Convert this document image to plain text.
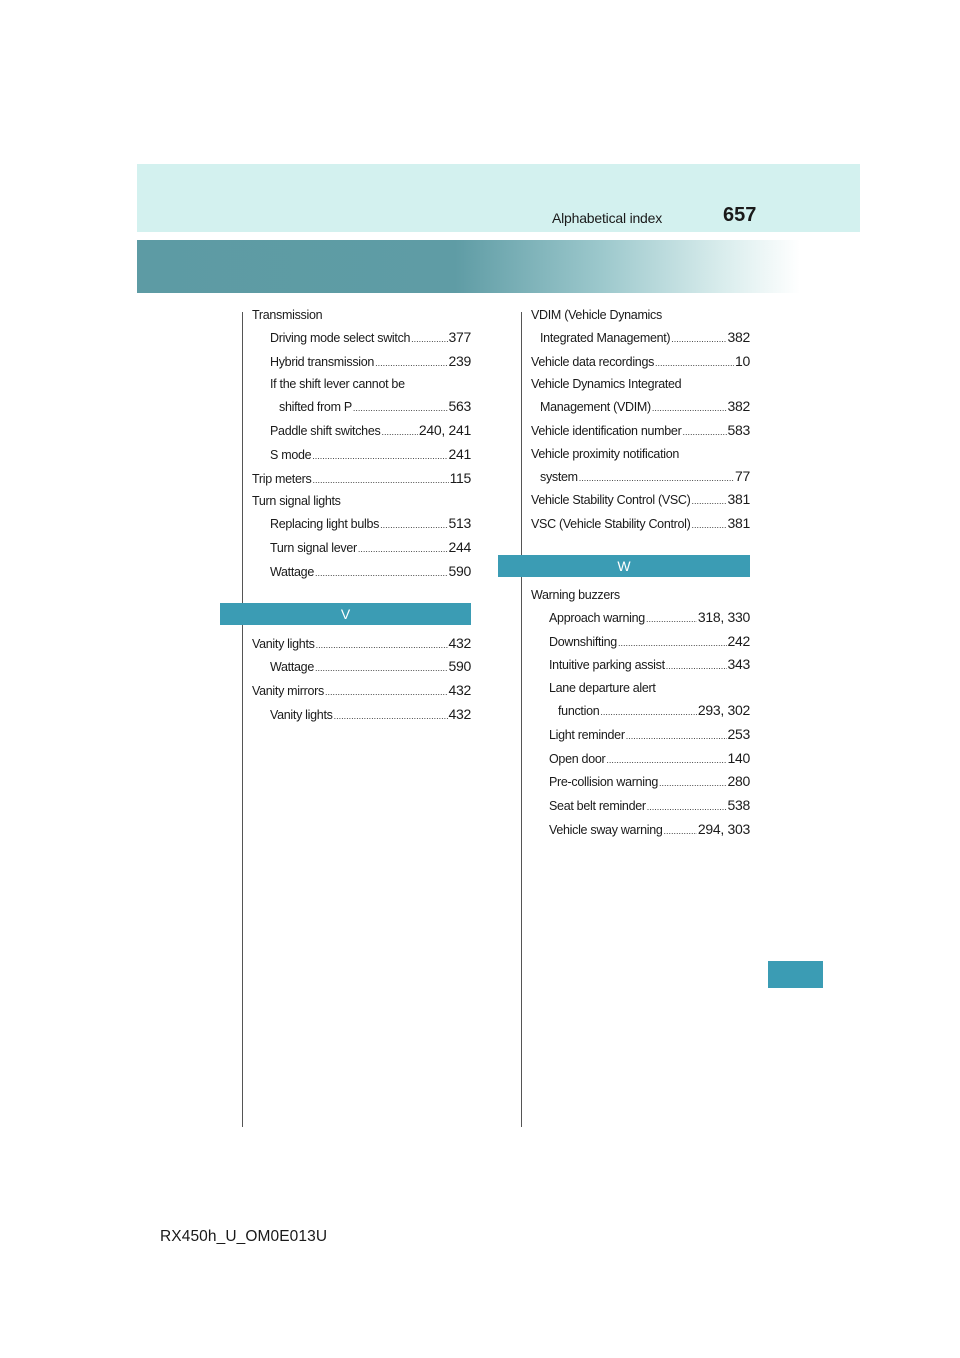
Alphabetical index	657
Transmission
Driving mode select switch .....	377
Hybrid transmission .....	239
If the shift lever cannot be
shifted from P .....	563
Paddle shift switches .....	240, 241
S mode .....	241
Trip meters .....	115
Turn signal lights
Replacing light bulbs .....	513
Turn signal lever .....	244
Wattage .....	590
V
Vanity lights .....	432
Wattage .....	590
Vanity mirrors .....	432
Vanity lights .....	432
VDIM (Vehicle Dynamics
Integrated Management) .....	382
Vehicle data recordings .....	10
Vehicle Dynamics Integrated
Management (VDIM) .....	382
Vehicle identification number .....	583
Vehicle proximity notification
system .....	77
Vehicle Stability Control (VSC) .....	381
VSC (Vehicle Stability Control) .....	381
W
Warning buzzers
Approach warning .....	318, 330
Downshifting .....	242
Intuitive parking assist .....	343
Lane departure alert
function .....	293, 302
Light reminder .....	253
Open door .....	140
Pre-collision warning .....	280
Seat belt reminder .....	538
Vehicle sway warning .....	294, 303
RX450h_U_OM0E013U
